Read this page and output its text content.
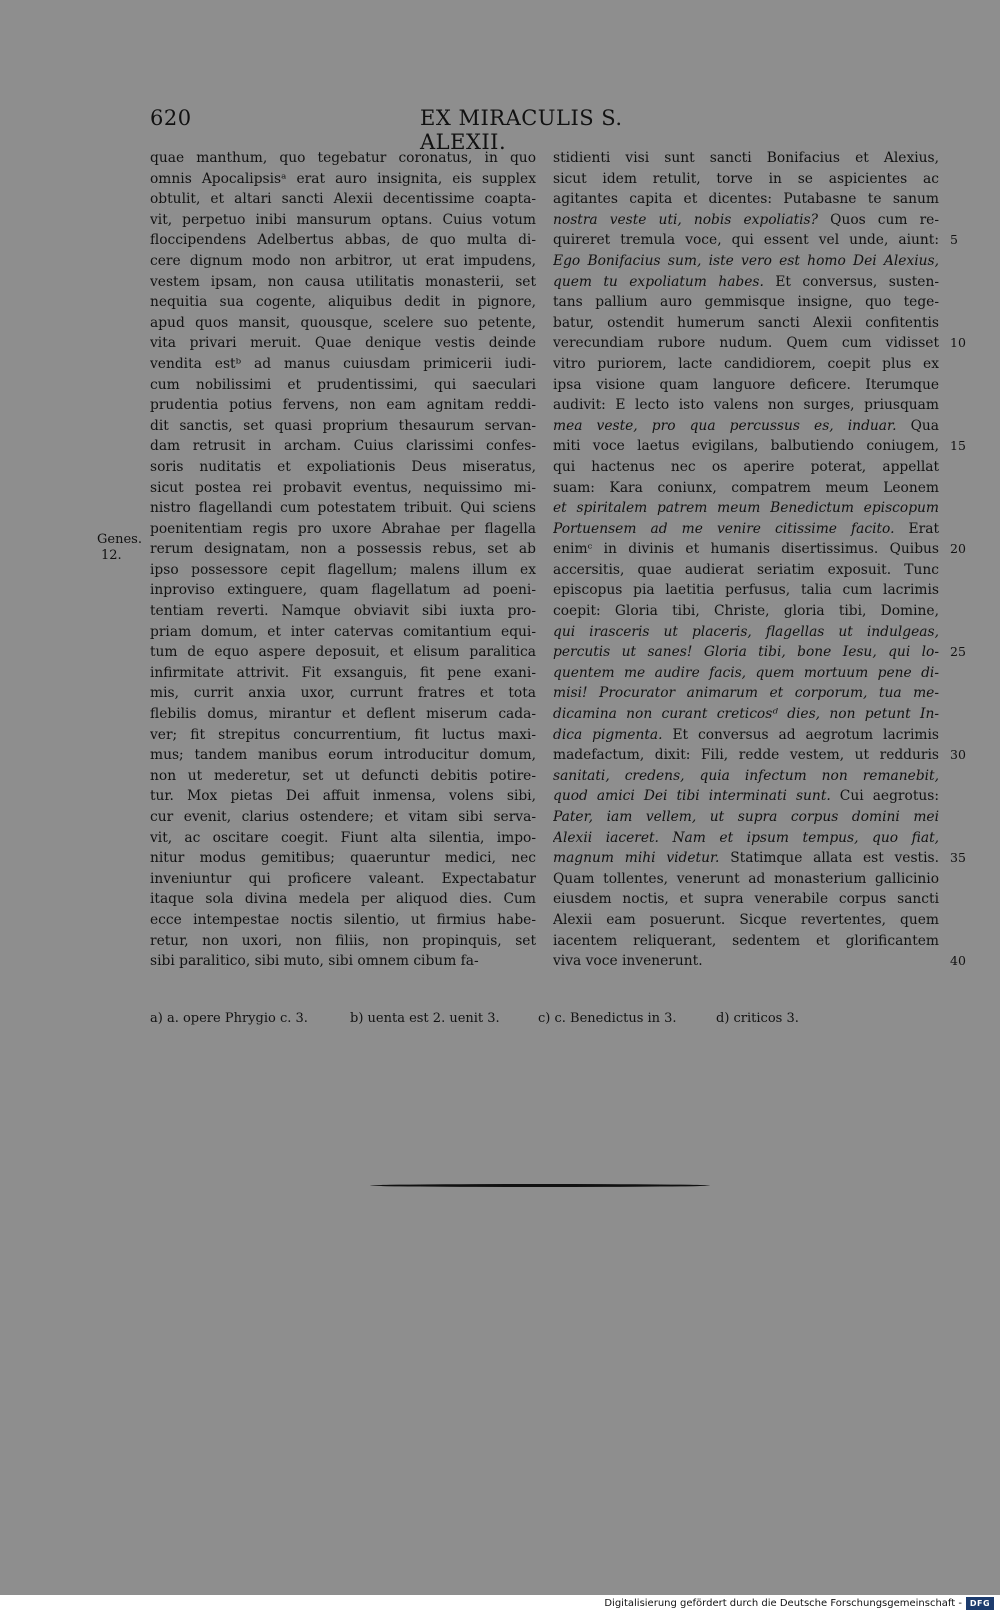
620	EX MIRACULIS S. ALEXII.
quae manthum, quo tegebatur coronatus, in quo
omnis Apocalipsisᵃ erat auro insignita, eis supplex
obtulit, et altari sancti Alexii decentissime coapta-
vit, perpetuo inibi mansurum optans. Cuius votum
floccipendens Adelbertus abbas, de quo multa di-
cere dignum modo non arbitror, ut erat impudens,
vestem ipsam, non causa utilitatis monasterii, set
nequitia sua cogente, aliquibus dedit in pignore,
apud quos mansit, quousque, scelere suo petente,
vita privari meruit. Quae denique vestis deinde
vendita estᵇ ad manus cuiusdam primicerii iudi-
cum nobilissimi et prudentissimi, qui saeculari
prudentia potius fervens, non eam agnitam reddi-
dit sanctis, set quasi proprium thesaurum servan-
dam retrusit in archam. Cuius clarissimi confes-
soris nuditatis et expoliationis Deus miseratus,
sicut postea rei probavit eventus, nequissimo mi-
nistro flagellandi cum potestatem tribuit. Qui sciens
poenitentiam regis pro uxore Abrahae per flagella
rerum designatam, non a possessis rebus, set ab
ipso possessore cepit flagellum; malens illum ex
inproviso extinguere, quam flagellatum ad poeni-
tentiam reverti. Namque obviavit sibi iuxta pro-
priam domum, et inter catervas comitantium equi-
tum de equo aspere deposuit, et elisum paralitica
infirmitate attrivit. Fit exsanguis, fit pene exani-
mis, currit anxia uxor, currunt fratres et tota
flebilis domus, mirantur et deflent miserum cada-
ver; fit strepitus concurrentium, fit luctus maxi-
mus; tandem manibus eorum introducitur domum,
non ut mederetur, set ut defuncti debitis potire-
tur. Mox pietas Dei affuit inmensa, volens sibi,
cur evenit, clarius ostendere; et vitam sibi serva-
vit, ac oscitare coegit. Fiunt alta silentia, impo-
nitur modus gemitibus; quaeruntur medici, nec
inveniuntur qui proficere valeant. Expectabatur
itaque sola divina medela per aliquod dies. Cum
ecce intempestae noctis silentio, ut firmius habe-
retur, non uxori, non filiis, non propinquis, set
sibi paralitico, sibi muto, sibi omnem cibum fa-
stidienti visi sunt sancti Bonifacius et Alexius,
sicut idem retulit, torve in se aspicientes ac
agitantes capita et dicentes: Putabasne te sanum
nostra veste uti, nobis expoliatis? Quos cum re-
quireret tremula voce, qui essent vel unde, aiunt:
Ego Bonifacius sum, iste vero est homo Dei Alexius,
quem tu expoliatum habes. Et conversus, susten-
tans pallium auro gemmisque insigne, quo tege-
batur, ostendit humerum sancti Alexii confitentis
verecundiam rubore nudum. Quem cum vidisset
vitro puriorem, lacte candidiorem, coepit plus ex
ipsa visione quam languore deficere. Iterumque
audivit: E lecto isto valens non surges, priusquam
mea veste, pro qua percussus es, induar. Qua
miti voce laetus evigilans, balbutiendo coniugem,
qui hactenus nec os aperire poterat, appellat
suam: Kara coniunx, compatrem meum Leonem
et spiritalem patrem meum Benedictum episcopum
Portuensem ad me venire citissime facito. Erat
enimᶜ in divinis et humanis disertissimus. Quibus
accersitis, quae audierat seriatim exposuit. Tunc
episcopus pia laetitia perfusus, talia cum lacrimis
coepit: Gloria tibi, Christe, gloria tibi, Domine,
qui irasceris ut placeris, flagellas ut indulgeas,
percutis ut sanes! Gloria tibi, bone Iesu, qui lo-
quentem me audire facis, quem mortuum pene di-
misi! Procurator animarum et corporum, tua me-
dicamina non curant creticosᵈ dies, non petunt In-
dica pigmenta. Et conversus ad aegrotum lacrimis
madefactum, dixit: Fili, redde vestem, ut redduris
sanitati, credens, quia infectum non remanebit,
quod amici Dei tibi interminati sunt. Cui aegrotus:
Pater, iam vellem, ut supra corpus domini mei
Alexii iaceret. Nam et ipsum tempus, quo fiat,
magnum mihi videtur. Statimque allata est vestis.
Quam tollentes, venerunt ad monasterium gallicinio
eiusdem noctis, et supra venerabile corpus sancti
Alexii eam posuerunt. Sicque revertentes, quem
iacentem reliquerant, sedentem et glorificantem
viva voce invenerunt.
Genes.
12.
5
10
15
20
25
30
35
40
a) a. opere Phrygio c. 3.	b) uenta est 2. uenit 3.	c) c. Benedictus in 3.	d) criticos 3.
Digitalisierung gefördert durch die Deutsche Forschungsgemeinschaft - DFG
